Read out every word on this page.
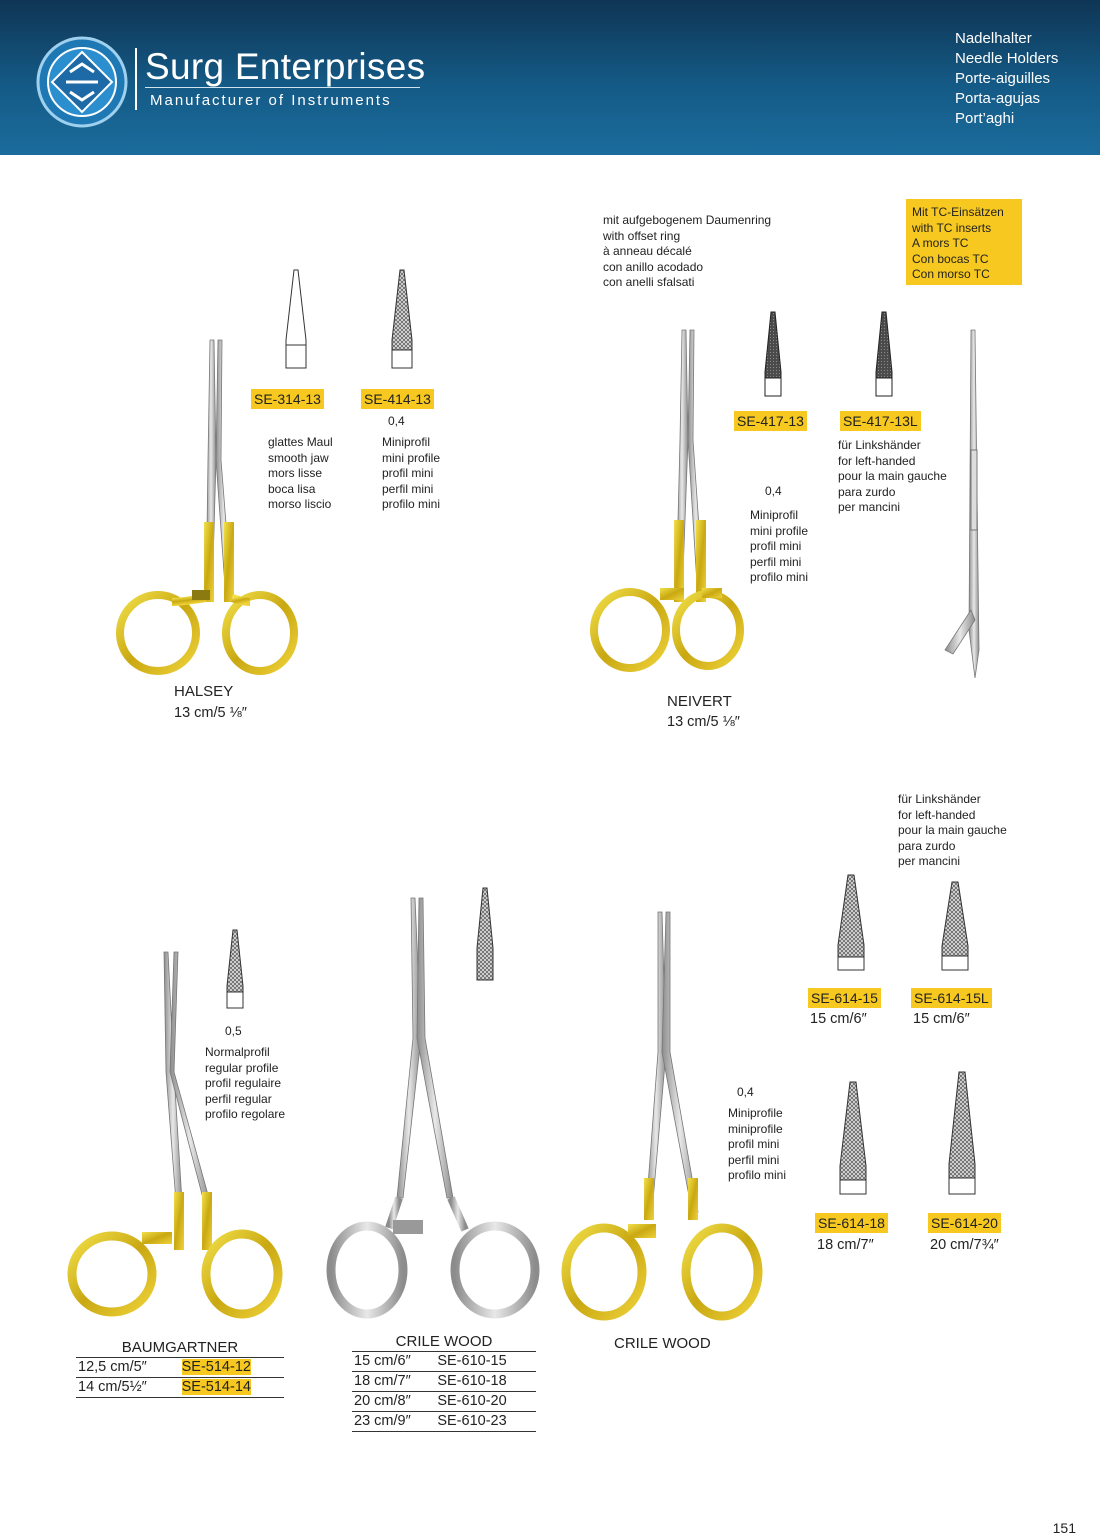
Surg Enterprises
Manufacturer of Instruments
Nadelhalter
Needle Holders
Porte-aiguilles
Porta-agujas
Port’aghi
SE-314-13	SE-414-13
0,4
glattes Maul
smooth jaw
mors lisse
boca lisa
morso liscio
Miniprofil
mini profile
profil mini
perfil mini
profilo mini
HALSEY
13 cm/5 ⅛″
mit aufgebogenem Daumenring
with offset ring
à anneau décalé
con anillo acodado
con anelli sfalsati
Mit TC-Einsätzen
with TC inserts
A mors TC
Con bocas TC
Con morso TC
SE-417-13	SE-417-13L
für Linkshänder
for left-handed
pour la main gauche
para zurdo
per mancini
0,4
Miniprofil
mini profile
profil mini
perfil mini
profilo mini
NEIVERT
13 cm/5 ⅛″
0,5
Normalprofil
regular profile
profil regulaire
perfil regular
profilo regolare
BAUMGARTNER	
12,5 cm/5″	SE-514-12
14 cm/5½″	SE-514-14
CRILE WOOD	
15 cm/6″	SE-610-15
18 cm/7″	SE-610-18
20 cm/8″	SE-610-20
23 cm/9″	SE-610-23
0,4
Miniprofile
miniprofile
profil mini
perfil mini
profilo mini
für Linkshänder
for left-handed
pour la main gauche
para zurdo
per mancini
SE-614-15
15 cm/6″
SE-614-15L
15 cm/6″
SE-614-18
18 cm/7″
SE-614-20
20 cm/7¾″
CRILE WOOD
151
